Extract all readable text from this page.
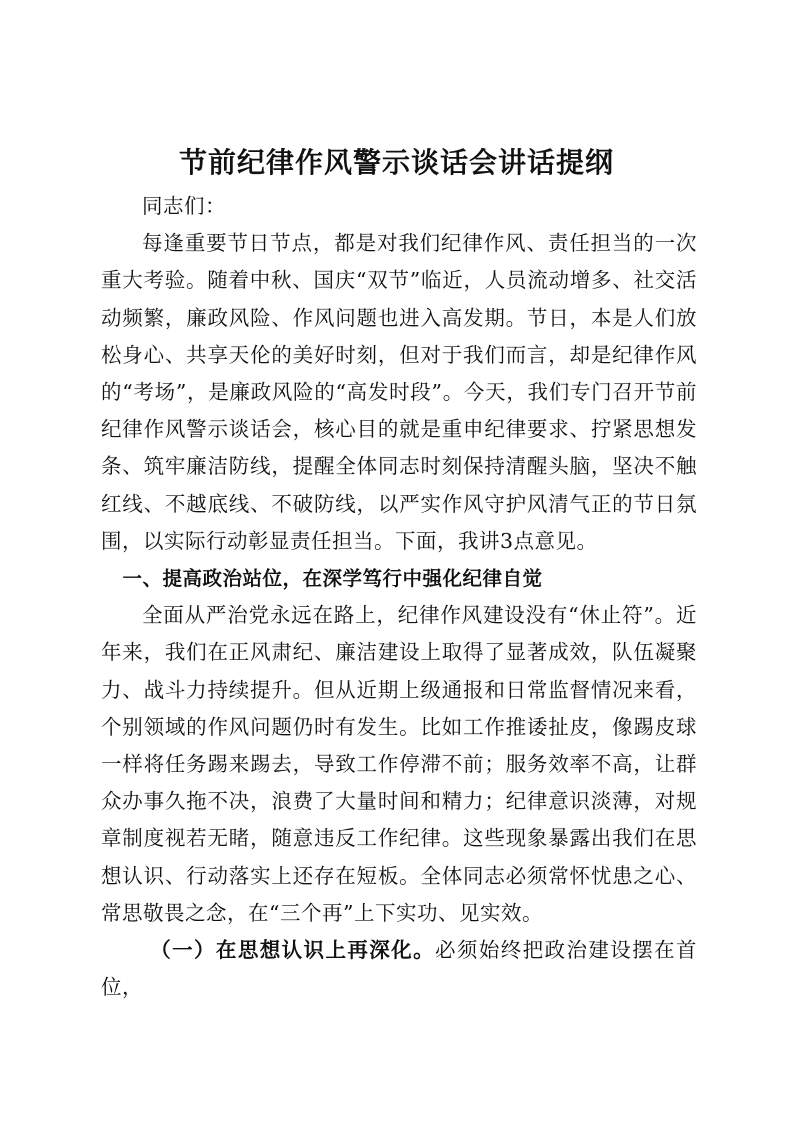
节前纪律作风警示谈话会讲话提纲

同志们：

每逢重要节日节点，都是对我们纪律作风、责任担当的一次重大考验。随着中秋、国庆“双节”临近，人员流动增多、社交活动频繁，廉政风险、作风问题也进入高发期。节日，本是人们放松身心、共享天伦的美好时刻，但对于我们而言，却是纪律作风的“考场”，是廉政风险的“高发时段”。今天，我们专门召开节前纪律作风警示谈话会，核心目的就是重申纪律要求、拧紧思想发条、筑牢廉洁防线，提醒全体同志时刻保持清醒头脑，坚决不触红线、不越底线、不破防线，以严实作风守护风清气正的节日氛围，以实际行动彰显责任担当。下面，我讲3点意见。

一、提高政治站位，在深学笃行中强化纪律自觉

全面从严治党永远在路上，纪律作风建设没有“休止符”。近年来，我们在正风肃纪、廉洁建设上取得了显著成效，队伍凝聚力、战斗力持续提升。但从近期上级通报和日常监督情况来看，个别领域的作风问题仍时有发生。比如工作推诿扯皮，像踢皮球一样将任务踢来踢去，导致工作停滞不前；服务效率不高，让群众办事久拖不决，浪费了大量时间和精力；纪律意识淡薄，对规章制度视若无睹，随意违反工作纪律。这些现象暴露出我们在思想认识、行动落实上还存在短板。全体同志必须常怀忧患之心、常思敬畏之念，在“三个再”上下实功、见实效。

（一）在思想认识上再深化。必须始终把政治建设摆在首位，
